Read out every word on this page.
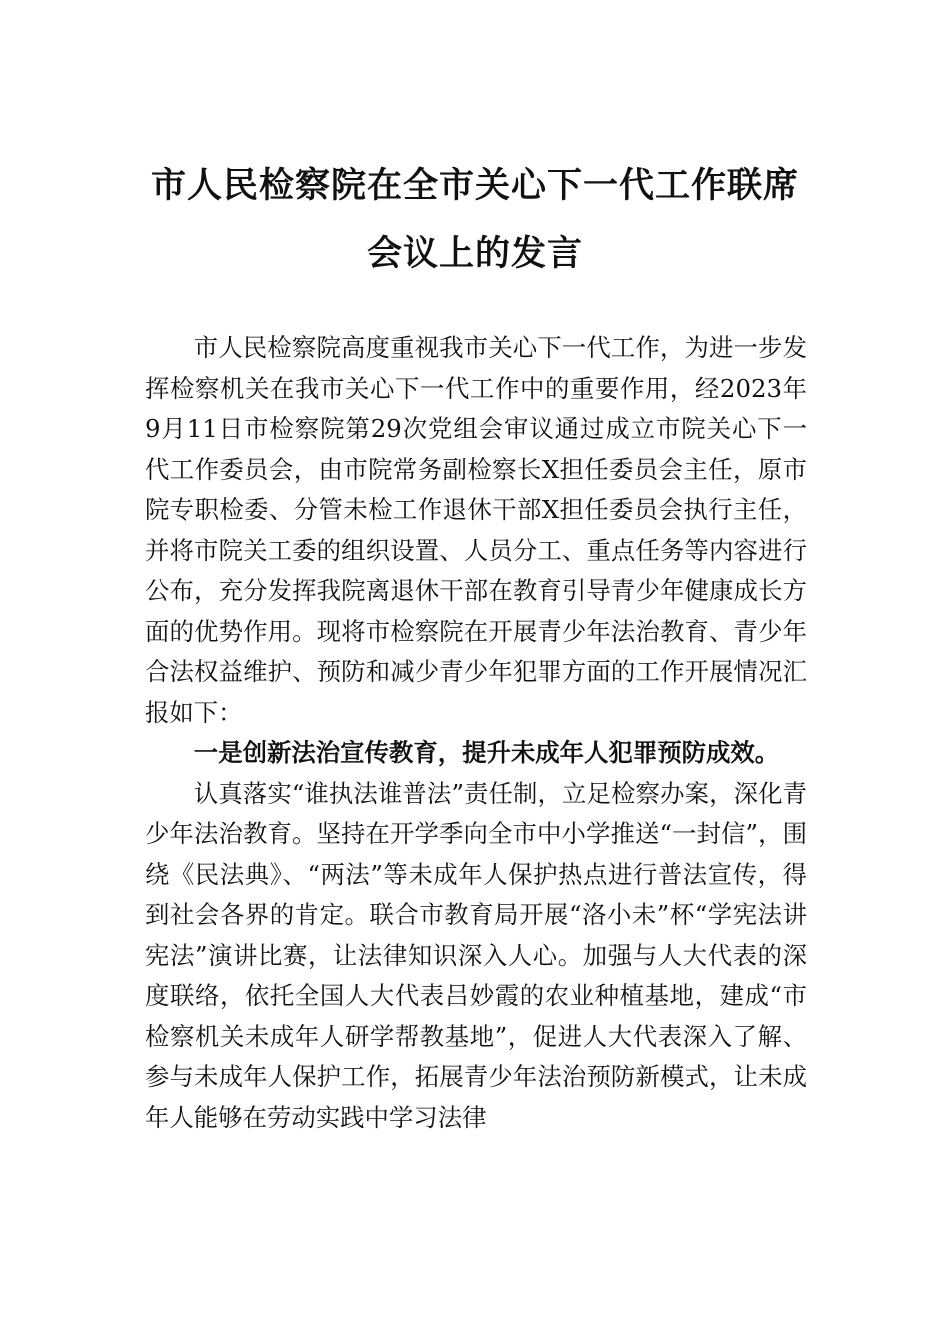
市人民检察院在全市关心下一代工作联席
会议上的发言

市人民检察院高度重视我市关心下一代工作，为进一步发挥检察机关在我市关心下一代工作中的重要作用，经2023年9月11日市检察院第29次党组会审议通过成立市院关心下一代工作委员会，由市院常务副检察长X担任委员会主任，原市院专职检委、分管未检工作退休干部X担任委员会执行主任，并将市院关工委的组织设置、人员分工、重点任务等内容进行公布，充分发挥我院离退休干部在教育引导青少年健康成长方面的优势作用。现将市检察院在开展青少年法治教育、青少年合法权益维护、预防和减少青少年犯罪方面的工作开展情况汇报如下：

一是创新法治宣传教育，提升未成年人犯罪预防成效。

认真落实“谁执法谁普法”责任制，立足检察办案，深化青少年法治教育。坚持在开学季向全市中小学推送“一封信”，围绕《民法典》、“两法”等未成年人保护热点进行普法宣传，得到社会各界的肯定。联合市教育局开展“洛小未”杯“学宪法讲宪法”演讲比赛，让法律知识深入人心。加强与人大代表的深度联络，依托全国人大代表吕妙霞的农业种植基地，建成“市检察机关未成年人研学帮教基地”，促进人大代表深入了解、参与未成年人保护工作，拓展青少年法治预防新模式，让未成年人能够在劳动实践中学习法律
